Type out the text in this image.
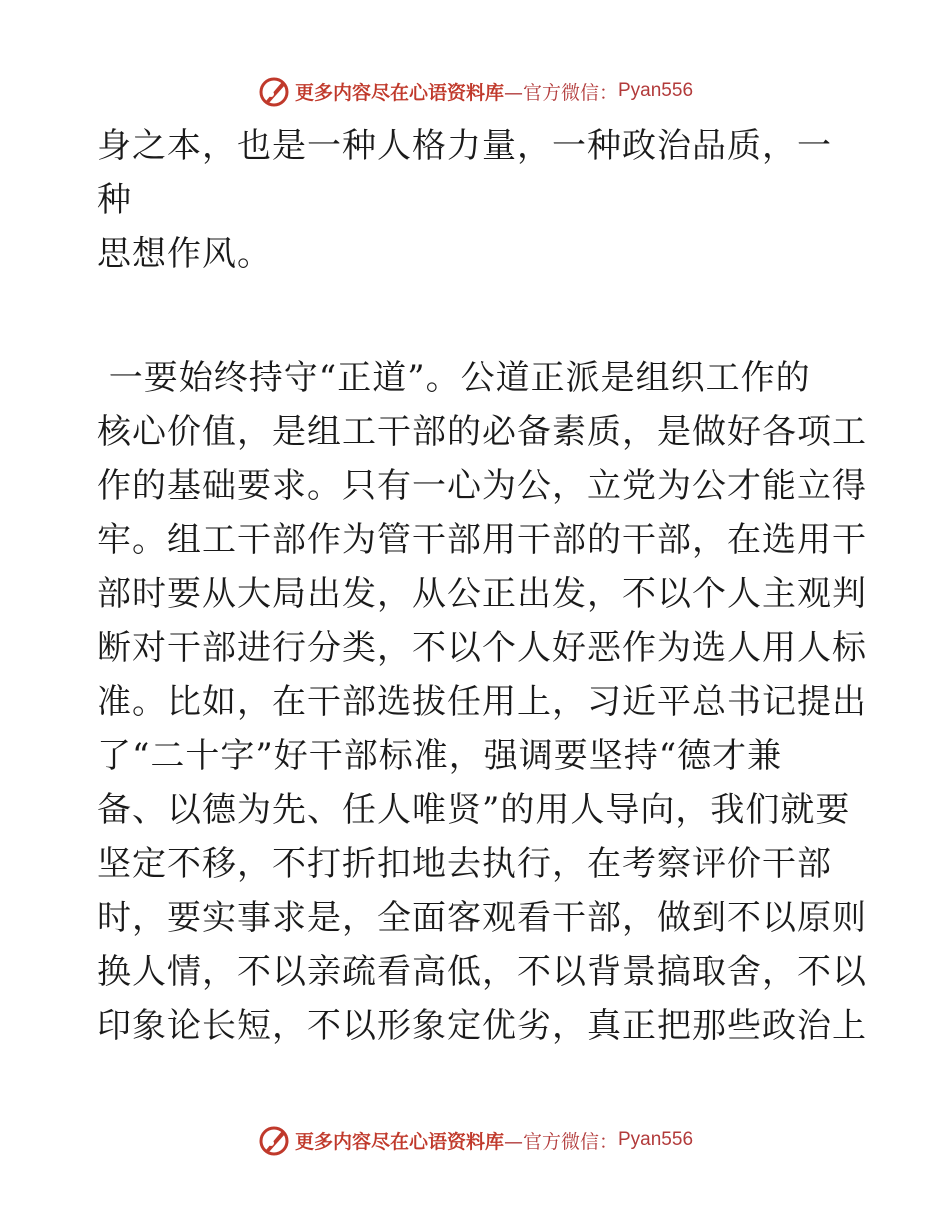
更多内容尽在心语资料库 —官方微信： Pyan556

身之本，也是一种人格力量，一种政治品质，一种
思想作风。

一要始终持守“正道”。公道正派是组织工作的
核心价值，是组工干部的必备素质，是做好各项工
作的基础要求。只有一心为公，立党为公才能立得
牢。组工干部作为管干部用干部的干部，在选用干
部时要从大局出发，从公正出发，不以个人主观判
断对干部进行分类，不以个人好恶作为选人用人标
准。比如，在干部选拔任用上，习近平总书记提出
了“二十字”好干部标准，强调要坚持“德才兼
备、以德为先、任人唯贤”的用人导向，我们就要
坚定不移，不打折扣地去执行，在考察评价干部
时，要实事求是，全面客观看干部，做到不以原则
换人情，不以亲疏看高低，不以背景搞取舍，不以
印象论长短，不以形象定优劣，真正把那些政治上

更多内容尽在心语资料库 —官方微信： Pyan556
